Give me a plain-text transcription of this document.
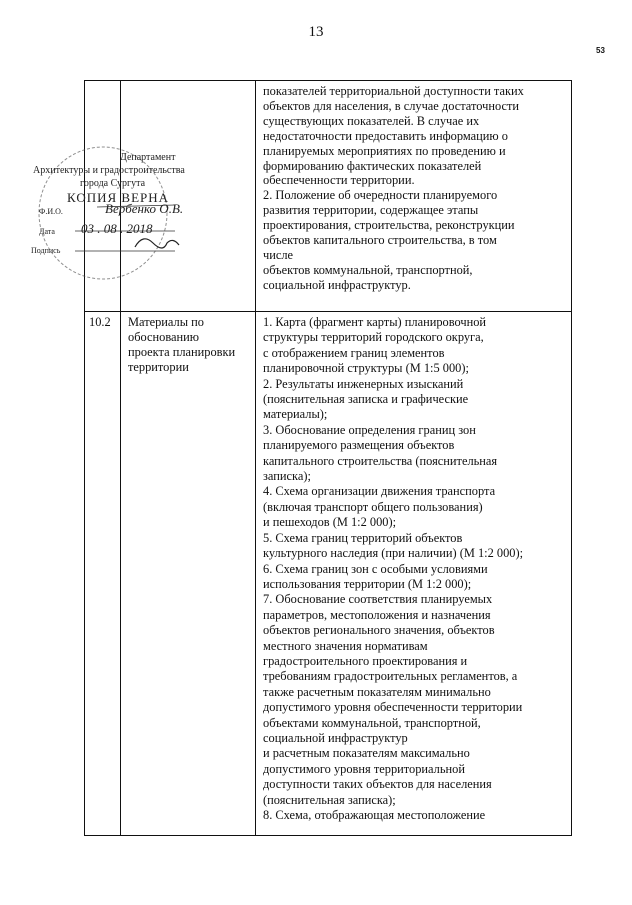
13
53
показателей территориальной доступности таких
объектов для населения, в случае достаточности
существующих показателей. В случае их
недостаточности предоставить информацию о
планируемых мероприятиях по проведению и
формированию фактических показателей
обеспеченности территории.
2. Положение об очередности планируемого
развития территории, содержащее этапы
проектирования, строительства, реконструкции
объектов капитального строительства, в том
числе
объектов коммунальной, транспортной,
социальной инфраструктур.
10.2	Материалы по
обоснованию
проекта планировки
территории
1. Карта (фрагмент карты) планировочной
структуры территорий городского округа,
с отображением границ элементов
планировочной структуры (М 1:5 000);
2. Результаты инженерных изысканий
(пояснительная записка и графические
материалы);
3. Обоснование определения границ зон
планируемого размещения объектов
капитального строительства (пояснительная
записка);
4. Схема организации движения транспорта
(включая транспорт общего пользования)
и пешеходов (М 1:2 000);
5. Схема границ территорий объектов
культурного наследия (при наличии) (М 1:2 000);
6. Схема границ зон с особыми условиями
использования территории (М 1:2 000);
7. Обоснование соответствия планируемых
параметров, местоположения и назначения
объектов регионального значения, объектов
местного значения нормативам
градостроительного проектирования и
требованиям градостроительных регламентов, а
также расчетным показателям минимально
допустимого уровня обеспеченности территории
объектами коммунальной, транспортной,
социальной инфраструктур
и расчетным показателям максимально
допустимого уровня территориальной
доступности таких объектов для населения
(пояснительная записка);
8. Схема, отображающая местоположение
Департамент
Архитектуры и градостроительства
города Сургута
КОПИЯ ВЕРНА
Ф.И.О.	Вербенко О.В.
Дата 03 . 08 . 2018
Подпись
